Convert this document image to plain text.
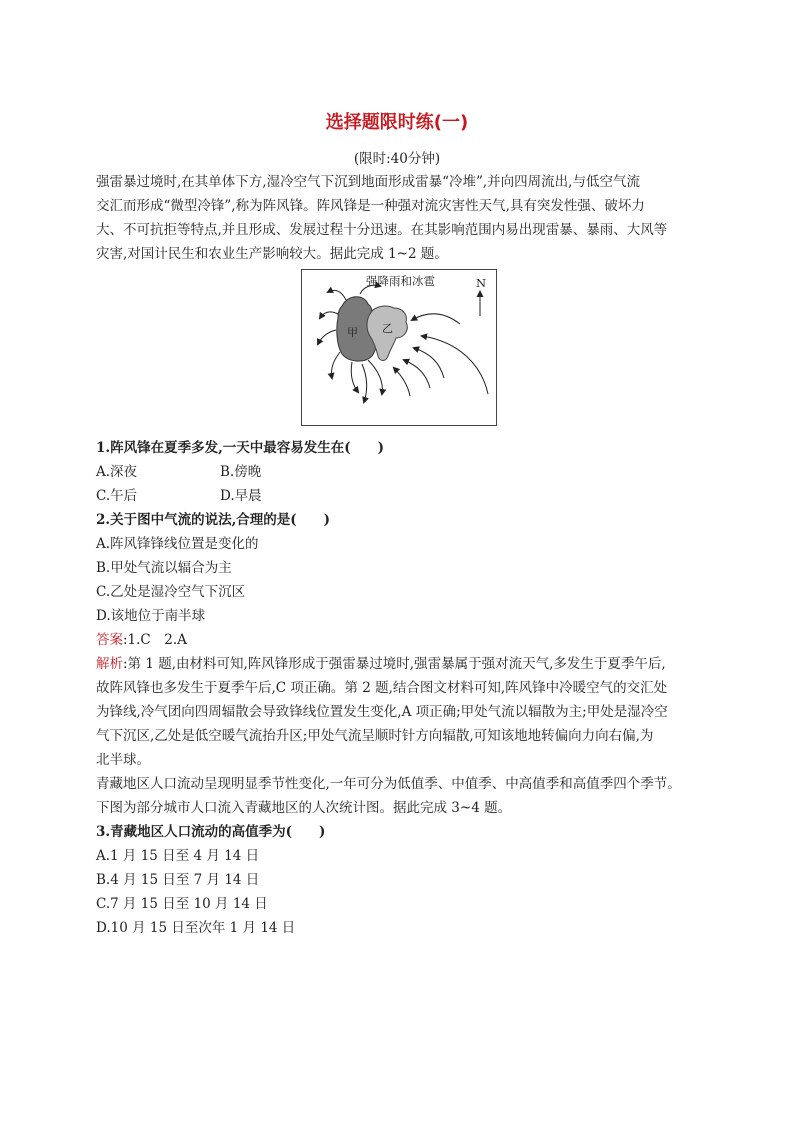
选择题限时练(一)
(限时:40分钟)
强雷暴过境时,在其单体下方,湿冷空气下沉到地面形成雷暴“冷堆”,并向四周流出,与低空气流
交汇而形成“微型冷锋”,称为阵风锋。阵风锋是一种强对流灾害性天气,具有突发性强、破坏力
大、不可抗拒等特点,并且形成、发展过程十分迅速。在其影响范围内易出现雷暴、暴雨、大风等
灾害,对国计民生和农业生产影响较大。据此完成 1~2 题。
强降雨和冰雹	N
甲 乙
1.阵风锋在夏季多发,一天中最容易发生在(　　)
A.深夜	B.傍晚
C.午后	D.早晨
2.关于图中气流的说法,合理的是(　　)
A.阵风锋锋线位置是变化的
B.甲处气流以辐合为主
C.乙处是湿冷空气下沉区
D.该地位于南半球
答案:1.C　2.A
解析:第 1 题,由材料可知,阵风锋形成于强雷暴过境时,强雷暴属于强对流天气,多发生于夏季午后,
故阵风锋也多发生于夏季午后,C 项正确。第 2 题,结合图文材料可知,阵风锋中冷暖空气的交汇处
为锋线,冷气团向四周辐散会导致锋线位置发生变化,A 项正确;甲处气流以辐散为主;甲处是湿冷空
气下沉区,乙处是低空暖气流抬升区;甲处气流呈顺时针方向辐散,可知该地地转偏向力向右偏,为
北半球。
青藏地区人口流动呈现明显季节性变化,一年可分为低值季、中值季、中高值季和高值季四个季节。
下图为部分城市人口流入青藏地区的人次统计图。据此完成 3~4 题。
3.青藏地区人口流动的高值季为(　　)
A.1 月 15 日至 4 月 14 日
B.4 月 15 日至 7 月 14 日
C.7 月 15 日至 10 月 14 日
D.10 月 15 日至次年 1 月 14 日
